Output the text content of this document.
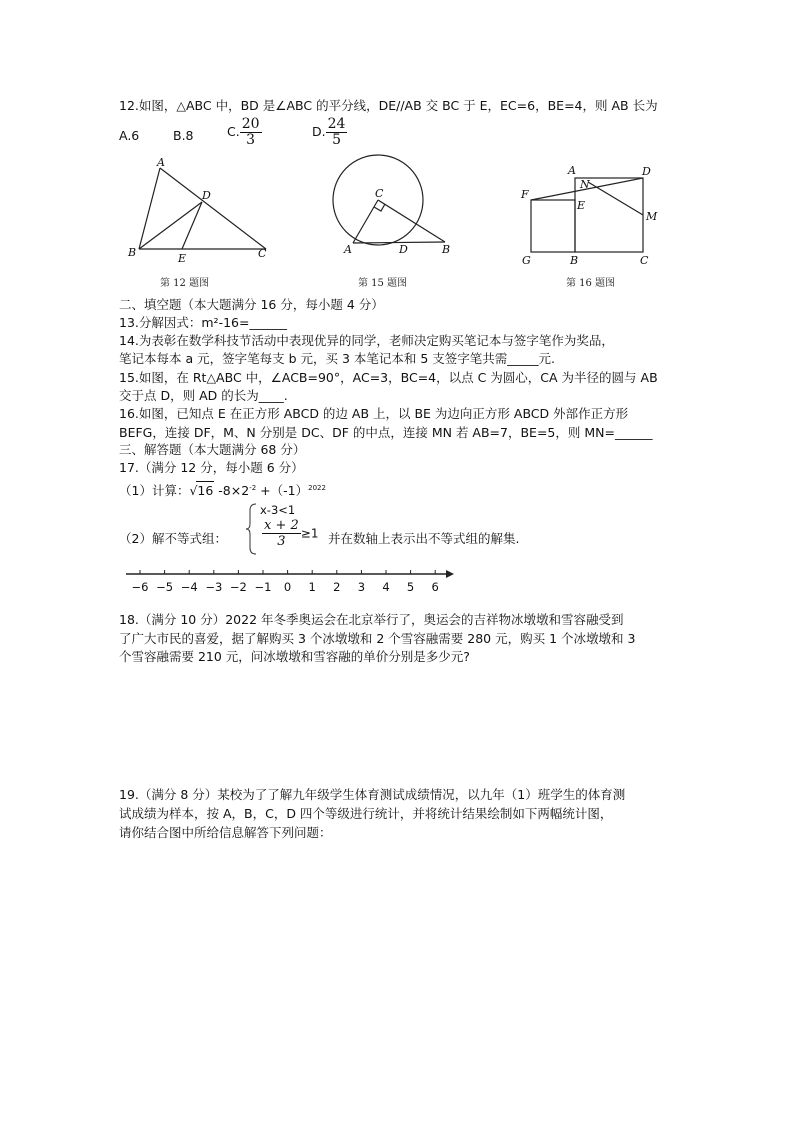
12.如图，△ABC 中，BD 是∠ABC 的平分线，DE//AB 交 BC 于 E，EC=6，BE=4，则 AB 长为
A.6	B.8	C. $\frac{20}{3}$	D. $\frac{24}{5}$
A
D
B	E	C
第 12 题图
C
A	D	B
第 15 题图
A	D
N
F
E
M
G	B	C
第 16 题图
二、填空题（本大题满分 16 分，每小题 4 分）
13.分解因式：m²-16=______
14.为表彰在数学科技节活动中表现优异的同学，老师决定购买笔记本与签字笔作为奖品，
笔记本每本 a 元，签字笔每支 b 元，买 3 本笔记本和 5 支签字笔共需_____元.
15.如图，在 Rt△ABC 中，∠ACB=90°，AC=3，BC=4，以点 C 为圆心，CA 为半径的圆与 AB
交于点 D，则 AD 的长为____.
16.如图，已知点 E 在正方形 ABCD 的边 AB 上，以 BE 为边向正方形 ABCD 外部作正方形
BEFG，连接 DF，M、N 分别是 DC、DF 的中点，连接 MN 若 AB=7，BE=5，则 MN=______
三、解答题（本大题满分 68 分）
17.（满分 12 分，每小题 6 分）
（1）计算：√16 $-8\times 2^{-2} +(-1)^{2022}$
（2）解不等式组：
x-3<1
$\frac{x + 2}{3} \ge 1$ 并在数轴上表示出不等式组的解集.
−6 −5 −4 −3 −2 −1 0 1 2 3 4 5 6
18.（满分 10 分）2022 年冬季奥运会在北京举行了，奥运会的吉祥物冰墩墩和雪容融受到
了广大市民的喜爱，据了解购买 3 个冰墩墩和 2 个雪容融需要 280 元，购买 1 个冰墩墩和 3
个雪容融需要 210 元，问冰墩墩和雪容融的单价分别是多少元?
19.（满分 8 分）某校为了了解九年级学生体育测试成绩情况，以九年（1）班学生的体育测
试成绩为样本，按 A，B，C，D 四个等级进行统计，并将统计结果绘制如下两幅统计图，
请你结合图中所给信息解答下列问题：
